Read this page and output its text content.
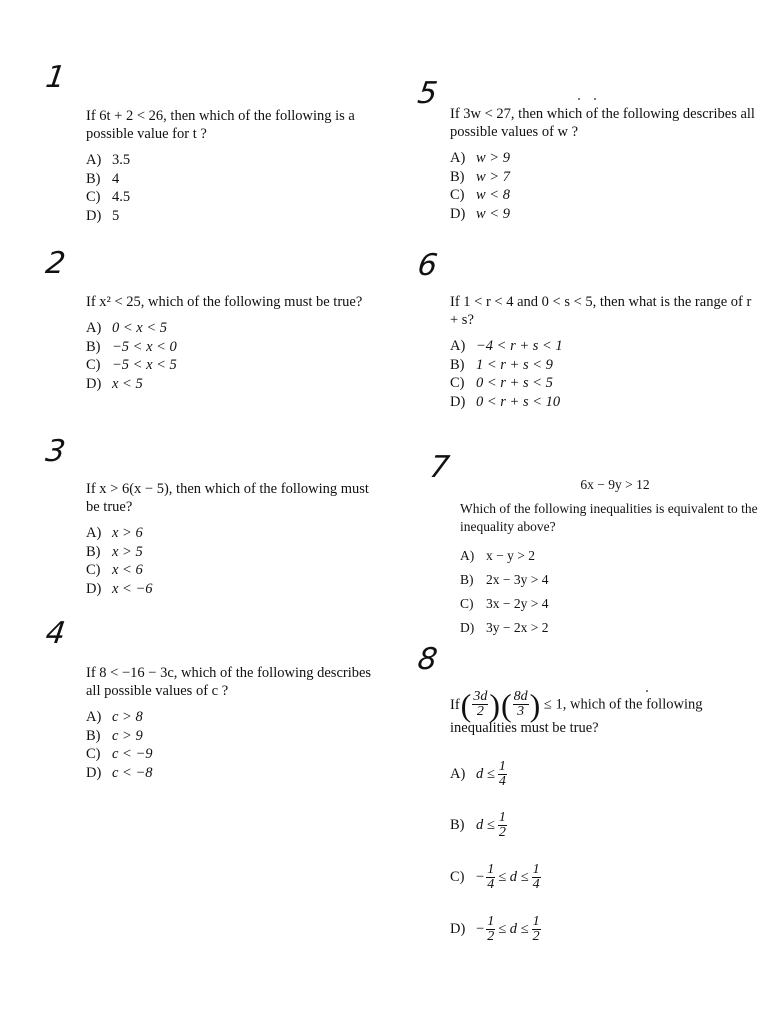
1
2
3
4
5
6
7
8

If 6t + 2 < 26, then which of the following is a possible value for t ?

A) 3.5
B) 4
C) 4.5
D) 5

If x² < 25, which of the following must be true?

A) 0 < x < 5
B) −5 < x < 0
C) −5 < x < 5
D) x < 5

If x > 6(x − 5), then which of the following must be true?

A) x > 6
B) x > 5
C) x < 6
D) x < −6

If 8 < −16 − 3c, which of the following describes all possible values of c ?

A) c > 8
B) c > 9
C) c < −9
D) c < −8

If 3w < 27, then which of the following describes all possible values of w ?

A) w > 9
B) w > 7
C) w < 8
D) w < 9

If 1 < r < 4 and 0 < s < 5, then what is the range of r + s?

A) −4 < r + s < 1
B) 1 < r + s < 9
C) 0 < r + s < 5
D) 0 < r + s < 10
6x − 9y > 12

Which of the following inequalities is equivalent to the inequality above?

A) x − y > 2
B) 2x − 3y > 4
C) 3x − 2y > 4
D) 3y − 2x > 2
If ( $\frac{3d}{2}$ ) ( $\frac{8d}{3}$ ) ≤ 1, which of the following inequalities must be true?
A) $d \le \frac{1}{4}$
B) $d \le \frac{1}{2}$
$C) - \frac{1}{4} \le d \le \frac{1}{4}$
$D) - \frac{1}{2} \le d \le \frac{1}{2}$
